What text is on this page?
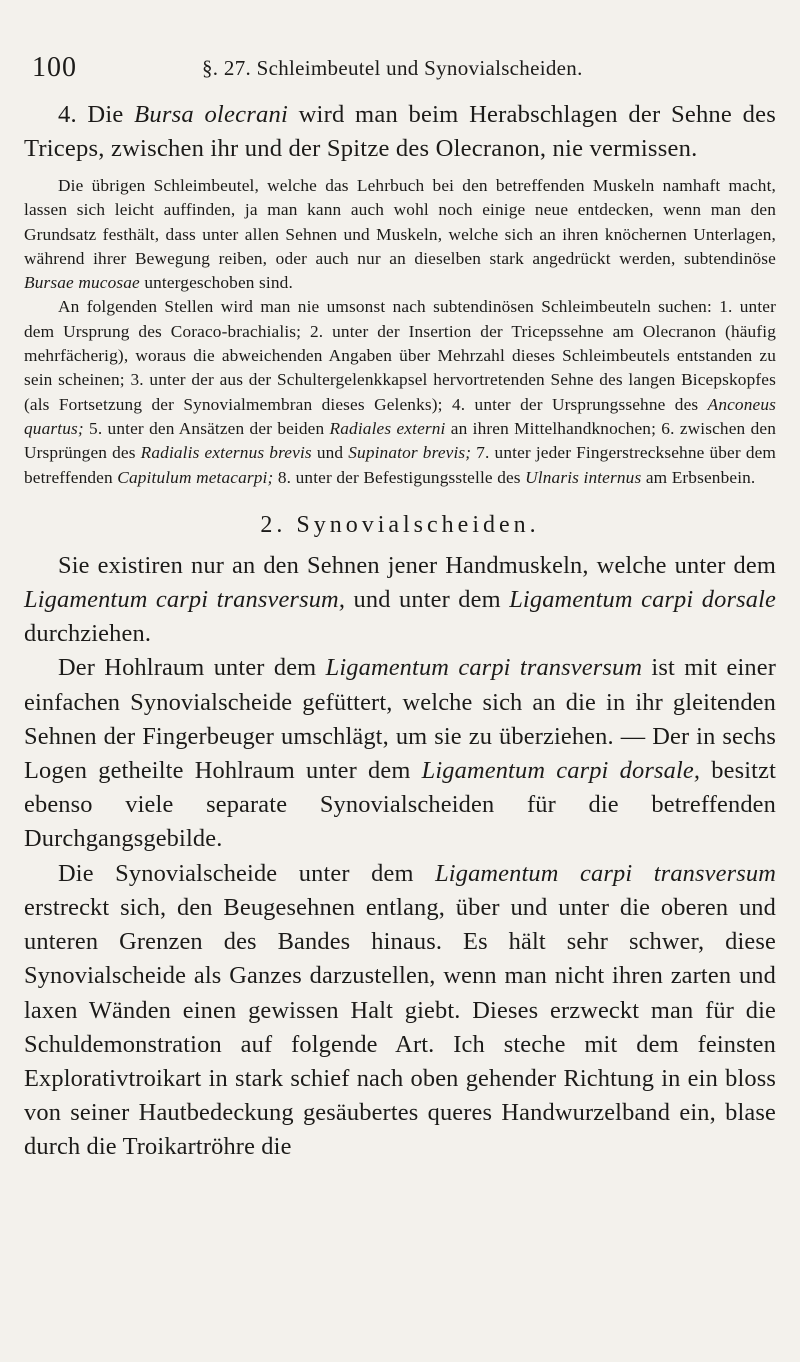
100	§. 27. Schleimbeutel und Synovialscheiden.

4. Die Bursa olecrani wird man beim Herabschlagen der Sehne des Triceps, zwischen ihr und der Spitze des Olecranon, nie vermissen.

Die übrigen Schleimbeutel, welche das Lehrbuch bei den betreffenden Muskeln namhaft macht, lassen sich leicht auffinden, ja man kann auch wohl noch einige neue entdecken, wenn man den Grundsatz festhält, dass unter allen Sehnen und Muskeln, welche sich an ihren knöchernen Unterlagen, während ihrer Bewegung reiben, oder auch nur an dieselben stark angedrückt werden, subtendinöse Bursae mucosae untergeschoben sind.

An folgenden Stellen wird man nie umsonst nach subtendinösen Schleimbeuteln suchen: 1. unter dem Ursprung des Coraco-brachialis; 2. unter der Insertion der Tricepssehne am Olecranon (häufig mehrfächerig), woraus die abweichenden Angaben über Mehrzahl dieses Schleimbeutels entstanden zu sein scheinen; 3. unter der aus der Schultergelenkkapsel hervortretenden Sehne des langen Bicepskopfes (als Fortsetzung der Synovialmembran dieses Gelenks); 4. unter der Ursprungssehne des Anconeus quartus; 5. unter den Ansätzen der beiden Radiales externi an ihren Mittelhandknochen; 6. zwischen den Ursprüngen des Radialis externus brevis und Supinator brevis; 7. unter jeder Fingerstrecksehne über dem betreffenden Capitulum metacarpi; 8. unter der Befestigungsstelle des Ulnaris internus am Erbsenbein.

2. Synovialscheiden.

Sie existiren nur an den Sehnen jener Handmuskeln, welche unter dem Ligamentum carpi transversum, und unter dem Ligamentum carpi dorsale durchziehen.

Der Hohlraum unter dem Ligamentum carpi transversum ist mit einer einfachen Synovialscheide gefüttert, welche sich an die in ihr gleitenden Sehnen der Fingerbeuger umschlägt, um sie zu überziehen. — Der in sechs Logen getheilte Hohlraum unter dem Ligamentum carpi dorsale, besitzt ebenso viele separate Synovialscheiden für die betreffenden Durchgangsgebilde.

Die Synovialscheide unter dem Ligamentum carpi transversum erstreckt sich, den Beugesehnen entlang, über und unter die oberen und unteren Grenzen des Bandes hinaus. Es hält sehr schwer, diese Synovialscheide als Ganzes darzustellen, wenn man nicht ihren zarten und laxen Wänden einen gewissen Halt giebt. Dieses erzweckt man für die Schuldemonstration auf folgende Art. Ich steche mit dem feinsten Explorativtroikart in stark schief nach oben gehender Richtung in ein bloss von seiner Hautbedeckung gesäubertes queres Handwurzelband ein, blase durch die Troikartröhre die
